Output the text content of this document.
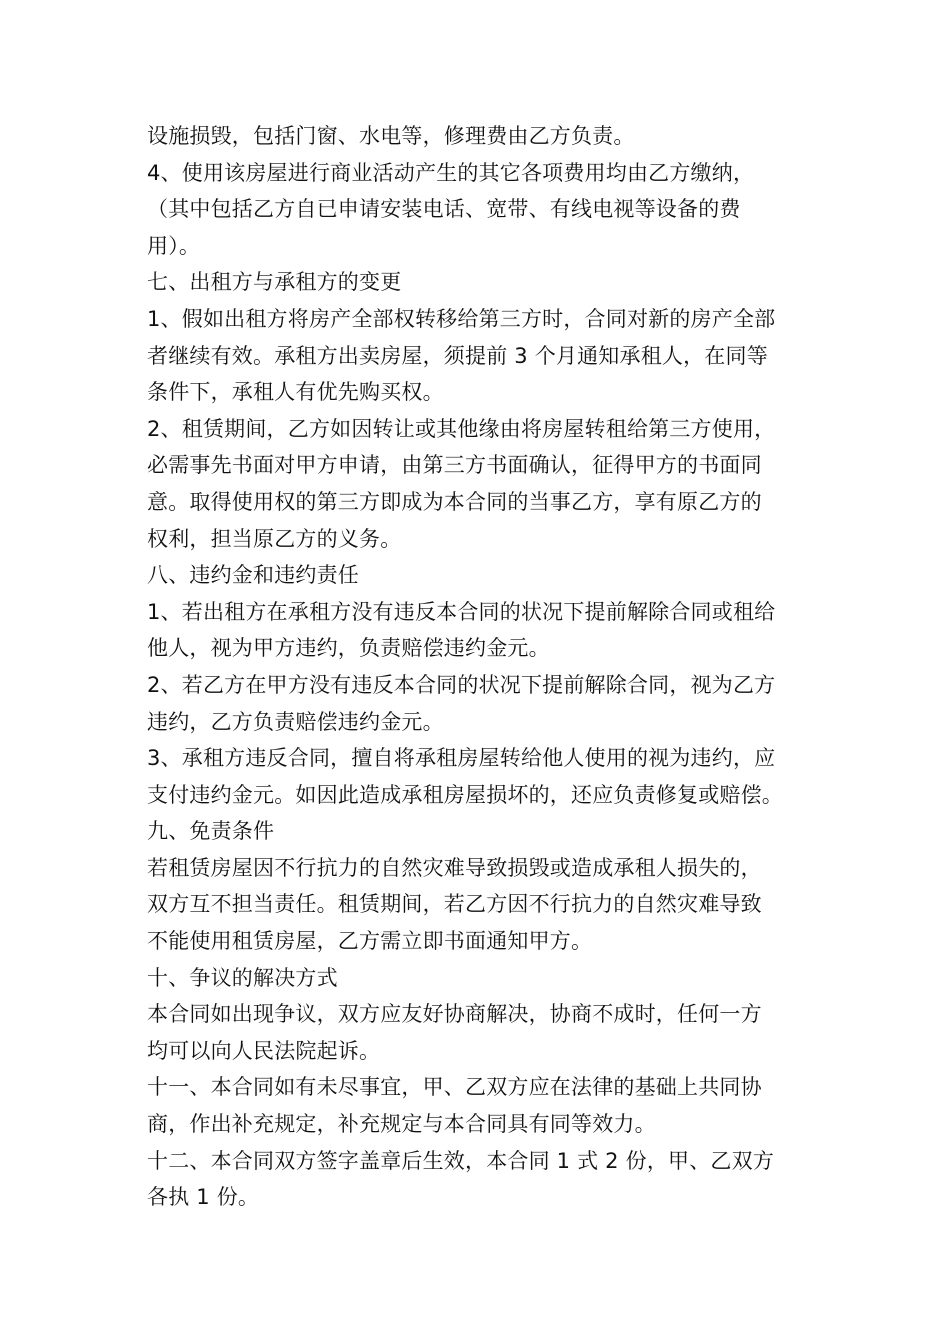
设施损毁，包括门窗、水电等，修理费由乙方负责。
4、使用该房屋进行商业活动产生的其它各项费用均由乙方缴纳，
（其中包括乙方自已申请安装电话、宽带、有线电视等设备的费
用）。
七、出租方与承租方的变更
1、假如出租方将房产全部权转移给第三方时，合同对新的房产全部
者继续有效。承租方出卖房屋，须提前 3 个月通知承租人，在同等
条件下，承租人有优先购买权。
2、租赁期间，乙方如因转让或其他缘由将房屋转租给第三方使用，
必需事先书面对甲方申请，由第三方书面确认，征得甲方的书面同
意。取得使用权的第三方即成为本合同的当事乙方，享有原乙方的
权利，担当原乙方的义务。
八、违约金和违约责任
1、若出租方在承租方没有违反本合同的状况下提前解除合同或租给
他人，视为甲方违约，负责赔偿违约金元。
2、若乙方在甲方没有违反本合同的状况下提前解除合同，视为乙方
违约，乙方负责赔偿违约金元。
3、承租方违反合同，擅自将承租房屋转给他人使用的视为违约，应
支付违约金元。如因此造成承租房屋损坏的，还应负责修复或赔偿。
九、免责条件
若租赁房屋因不行抗力的自然灾难导致损毁或造成承租人损失的，
双方互不担当责任。租赁期间，若乙方因不行抗力的自然灾难导致
不能使用租赁房屋，乙方需立即书面通知甲方。
十、争议的解决方式
本合同如出现争议，双方应友好协商解决，协商不成时，任何一方
均可以向人民法院起诉。
十一、本合同如有未尽事宜，甲、乙双方应在法律的基础上共同协
商，作出补充规定，补充规定与本合同具有同等效力。
十二、本合同双方签字盖章后生效，本合同 1 式 2 份，甲、乙双方
各执 1 份。
